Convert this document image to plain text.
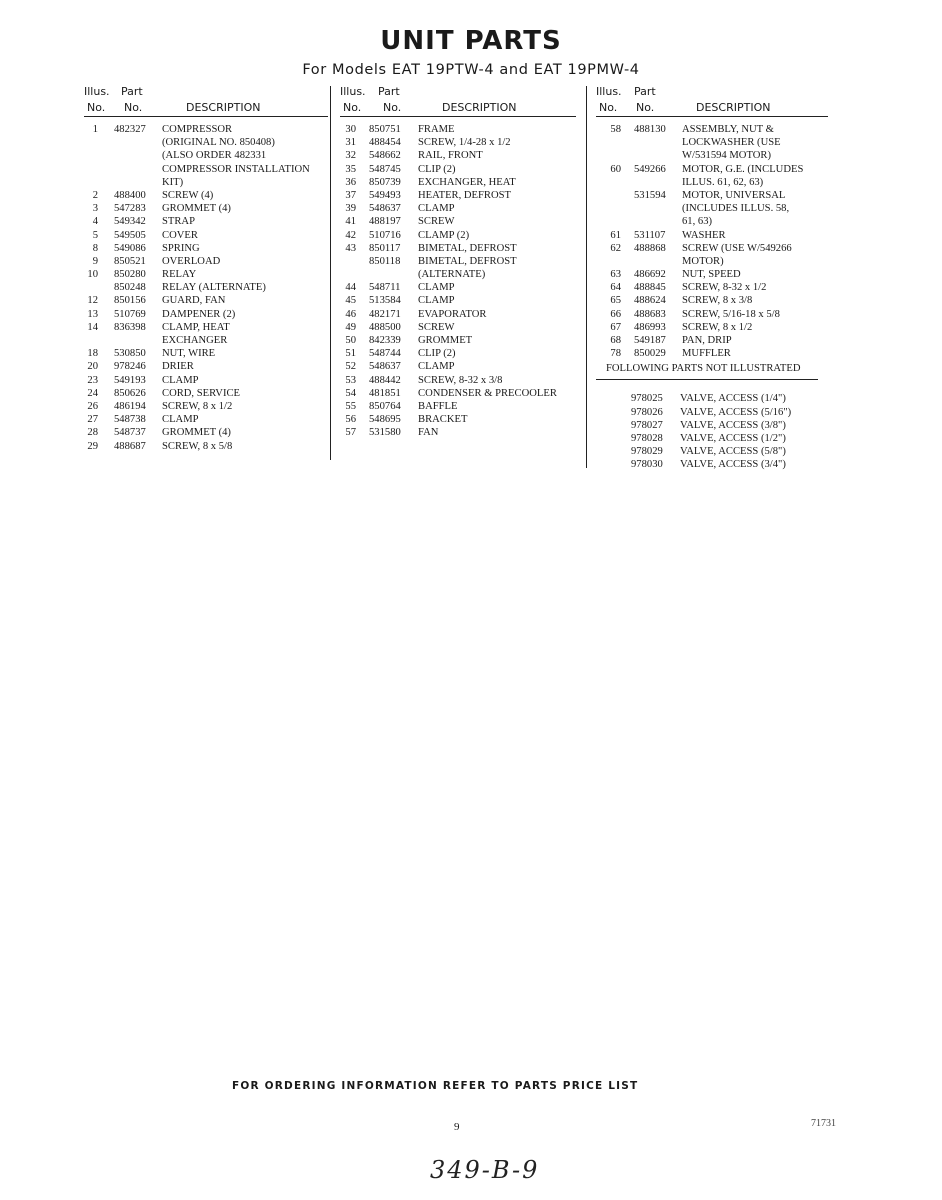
UNIT PARTS
For Models EAT 19PTW-4 and EAT 19PMW-4
Illus. Part
No. No.	DESCRIPTION
1 482327 COMPRESSOR
(ORIGINAL NO. 850408)
(ALSO ORDER 482331
COMPRESSOR INSTALLATION
KIT)
2 488400 SCREW (4)
3 547283 GROMMET (4)
4 549342 STRAP
5 549505 COVER
8 549086 SPRING
9 850521 OVERLOAD
10 850280 RELAY
850248 RELAY (ALTERNATE)
12 850156 GUARD, FAN
13 510769 DAMPENER (2)
14 836398 CLAMP, HEAT
EXCHANGER
18 530850 NUT, WIRE
20 978246 DRIER
23 549193 CLAMP
24 850626 CORD, SERVICE
26 486194 SCREW, 8 x 1/2
27 548738 CLAMP
28 548737 GROMMET (4)
29 488687 SCREW, 8 x 5/8
Illus. Part
No. No.	DESCRIPTION
30 850751 FRAME
31 488454 SCREW, 1/4-28 x 1/2
32 548662 RAIL, FRONT
35 548745 CLIP (2)
36 850739 EXCHANGER, HEAT
37 549493 HEATER, DEFROST
39 548637 CLAMP
41 488197 SCREW
42 510716 CLAMP (2)
43 850117 BIMETAL, DEFROST
850118 BIMETAL, DEFROST
(ALTERNATE)
44 548711 CLAMP
45 513584 CLAMP
46 482171 EVAPORATOR
49 488500 SCREW
50 842339 GROMMET
51 548744 CLIP (2)
52 548637 CLAMP
53 488442 SCREW, 8-32 x 3/8
54 481851 CONDENSER & PRECOOLER
55 850764 BAFFLE
56 548695 BRACKET
57 531580 FAN
Illus. Part
No. No.	DESCRIPTION
58 488130 ASSEMBLY, NUT &
LOCKWASHER (USE
W/531594 MOTOR)
60 549266 MOTOR, G.E. (INCLUDES
ILLUS. 61, 62, 63)
531594 MOTOR, UNIVERSAL
(INCLUDES ILLUS. 58,
61, 63)
61 531107 WASHER
62 488868 SCREW (USE W/549266
MOTOR)
63 486692 NUT, SPEED
64 488845 SCREW, 8-32 x 1/2
65 488624 SCREW, 8 x 3/8
66 488683 SCREW, 5/16-18 x 5/8
67 486993 SCREW, 8 x 1/2
68 549187 PAN, DRIP
78 850029 MUFFLER
FOLLOWING PARTS NOT ILLUSTRATED
978025 VALVE, ACCESS (1/4")
978026 VALVE, ACCESS (5/16")
978027 VALVE, ACCESS (3/8")
978028 VALVE, ACCESS (1/2")
978029 VALVE, ACCESS (5/8")
978030 VALVE, ACCESS (3/4")
FOR ORDERING INFORMATION REFER TO PARTS PRICE LIST
9	71731
349-B-9
